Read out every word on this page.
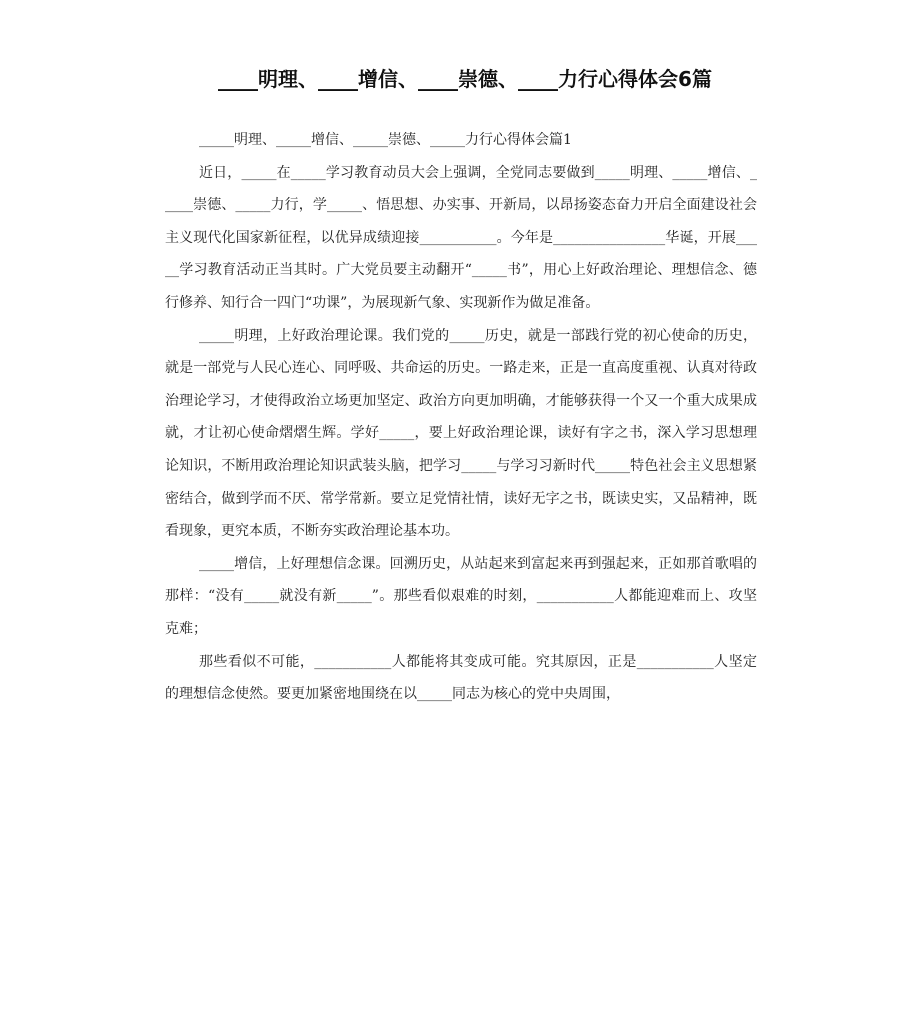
____明理、____增信、____崇德、____力行心得体会6篇

_____明理、_____增信、_____崇德、_____力行心得体会篇1

近日，_____在_____学习教育动员大会上强调，全党同志要做到_____明理、_____增信、_____崇德、_____力行，学_____、悟思想、办实事、开新局，以昂扬姿态奋力开启全面建设社会主义现代化国家新征程，以优异成绩迎接___________。今年是________________华诞，开展_____学习教育活动正当其时。广大党员要主动翻开“_____书”，用心上好政治理论、理想信念、德行修养、知行合一四门“功课”，为展现新气象、实现新作为做足准备。

_____明理，上好政治理论课。我们党的_____历史，就是一部践行党的初心使命的历史，就是一部党与人民心连心、同呼吸、共命运的历史。一路走来，正是一直高度重视、认真对待政治理论学习，才使得政治立场更加坚定、政治方向更加明确，才能够获得一个又一个重大成果成就，才让初心使命熠熠生辉。学好_____，要上好政治理论课，读好有字之书，深入学习思想理论知识，不断用政治理论知识武装头脑，把学习_____与学习习新时代_____特色社会主义思想紧密结合，做到学而不厌、常学常新。要立足党情社情，读好无字之书，既读史实，又品精神，既看现象，更究本质，不断夯实政治理论基本功。

_____增信，上好理想信念课。回溯历史，从站起来到富起来再到强起来，正如那首歌唱的那样：“没有_____就没有新_____”。那些看似艰难的时刻，___________人都能迎难而上、攻坚克难；

那些看似不可能，___________人都能将其变成可能。究其原因，正是___________人坚定的理想信念使然。要更加紧密地围绕在以_____同志为核心的党中央周围，
